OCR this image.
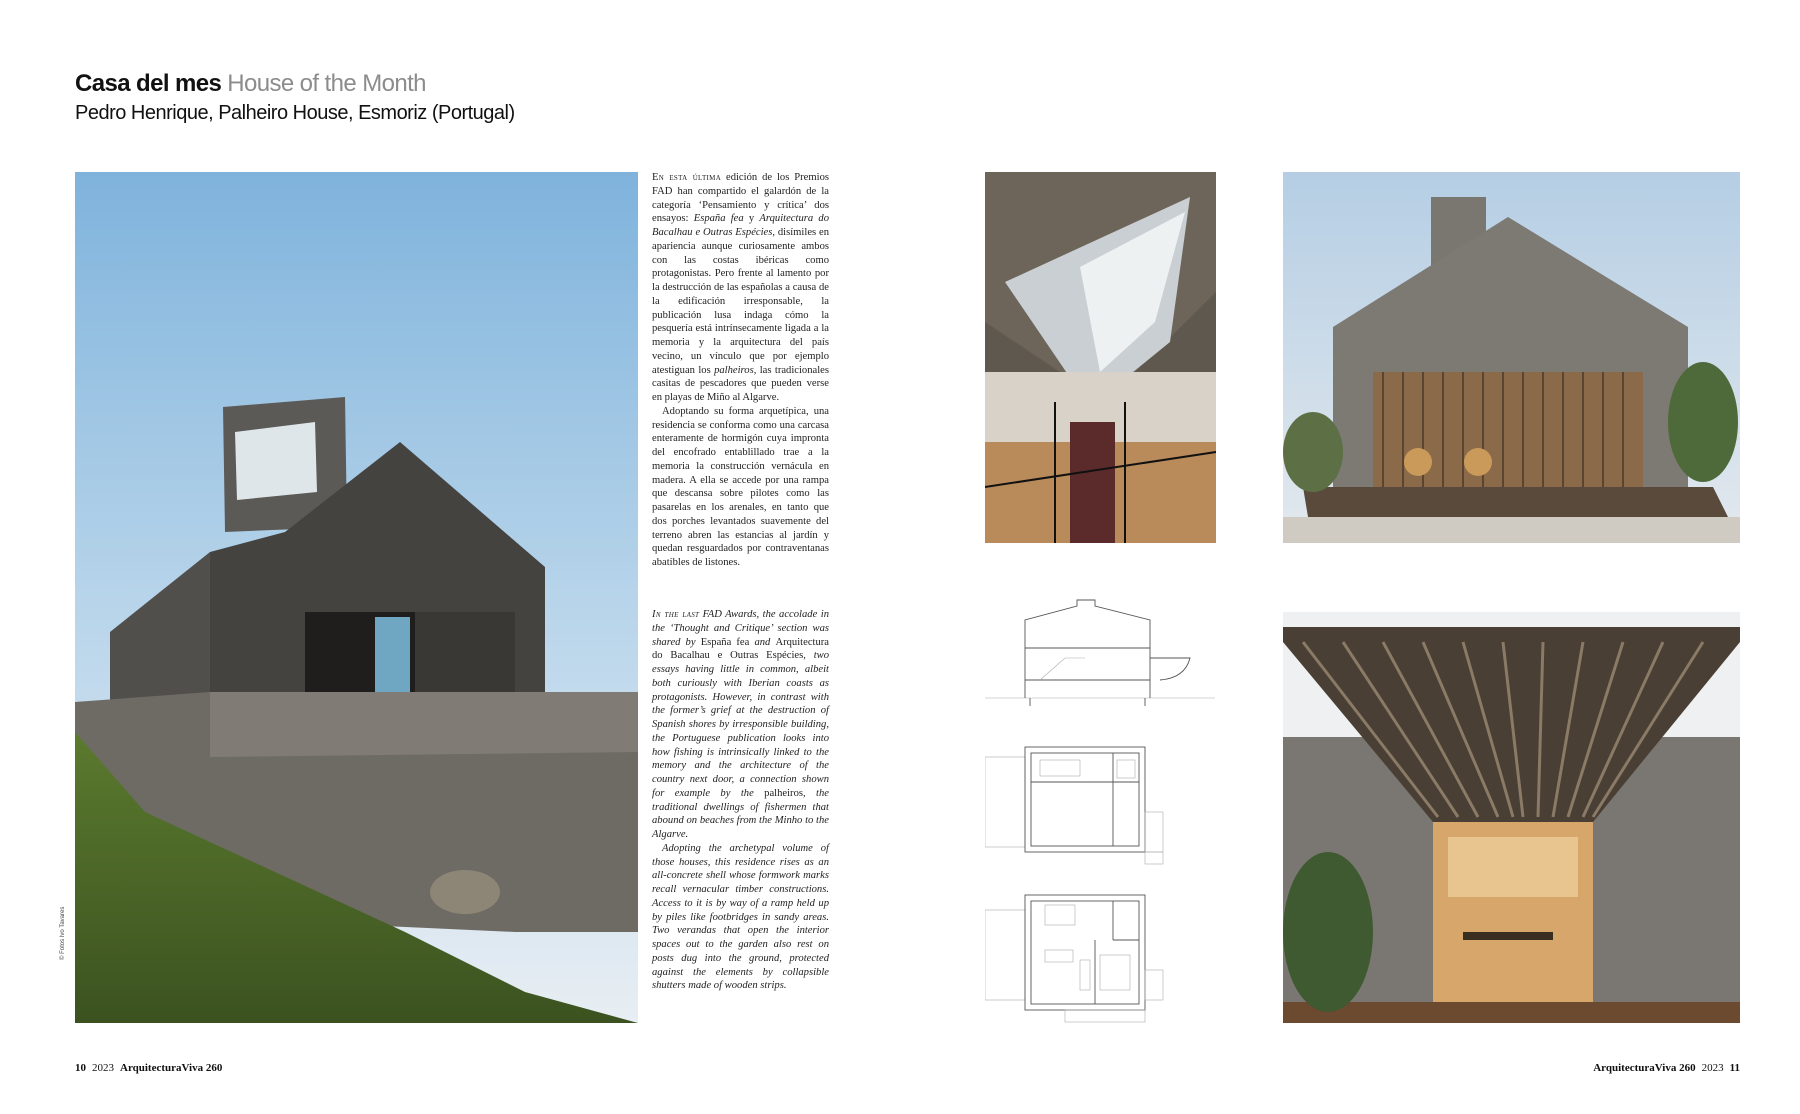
Casa del mes House of the Month
Pedro Henrique, Palheiro House, Esmoriz (Portugal)
© Fotos Ivo Tavares

En esta última edición de los Premios FAD han compartido el galardón de la categoría ‘Pensamiento y crítica’ dos ensayos: España fea y Arquitectura do Bacalhau e Outras Espécies, disímiles en apariencia aunque curiosamente ambos con las costas ibéricas como protagonistas. Pero frente al lamento por la destrucción de las españolas a causa de la edificación irresponsable, la publicación lusa indaga cómo la pesquería está intrínsecamente ligada a la memoria y la arquitectura del país vecino, un vínculo que por ejemplo atestiguan los palheiros, las tradicionales casitas de pescadores que pueden verse en playas de Miño al Algarve.

Adoptando su forma arquetípica, una residencia se conforma como una carcasa enteramente de hormigón cuya impronta del encofrado entablillado trae a la memoria la construcción vernácula en madera. A ella se accede por una rampa que descansa sobre pilotes como las pasarelas en los arenales, en tanto que dos porches levantados suavemente del terreno abren las estancias al jardín y quedan resguardados por contraventanas abatibles de listones.

In the last FAD Awards, the accolade in the ‘Thought and Critique’ section was shared by España fea and Arquitectura do Bacalhau e Outras Espécies, two essays having little in common, albeit both curiously with Iberian coasts as protagonists. However, in contrast with the former’s grief at the destruction of Spanish shores by irresponsible building, the Portuguese publication looks into how fishing is intrinsically linked to the memory and the architecture of the country next door, a connection shown for example by the palheiros, the traditional dwellings of fishermen that abound on beaches from the Minho to the Algarve.

Adopting the archetypal volume of those houses, this residence rises as an all-concrete shell whose formwork marks recall vernacular timber constructions. Access to it is by way of a ramp held up by piles like footbridges in sandy areas. Two verandas that open the interior spaces out to the garden also rest on posts dug into the ground, protected against the elements by collapsible shutters made of wooden strips.

10 2023 ArquitecturaViva 260	ArquitecturaViva 260 2023 11
